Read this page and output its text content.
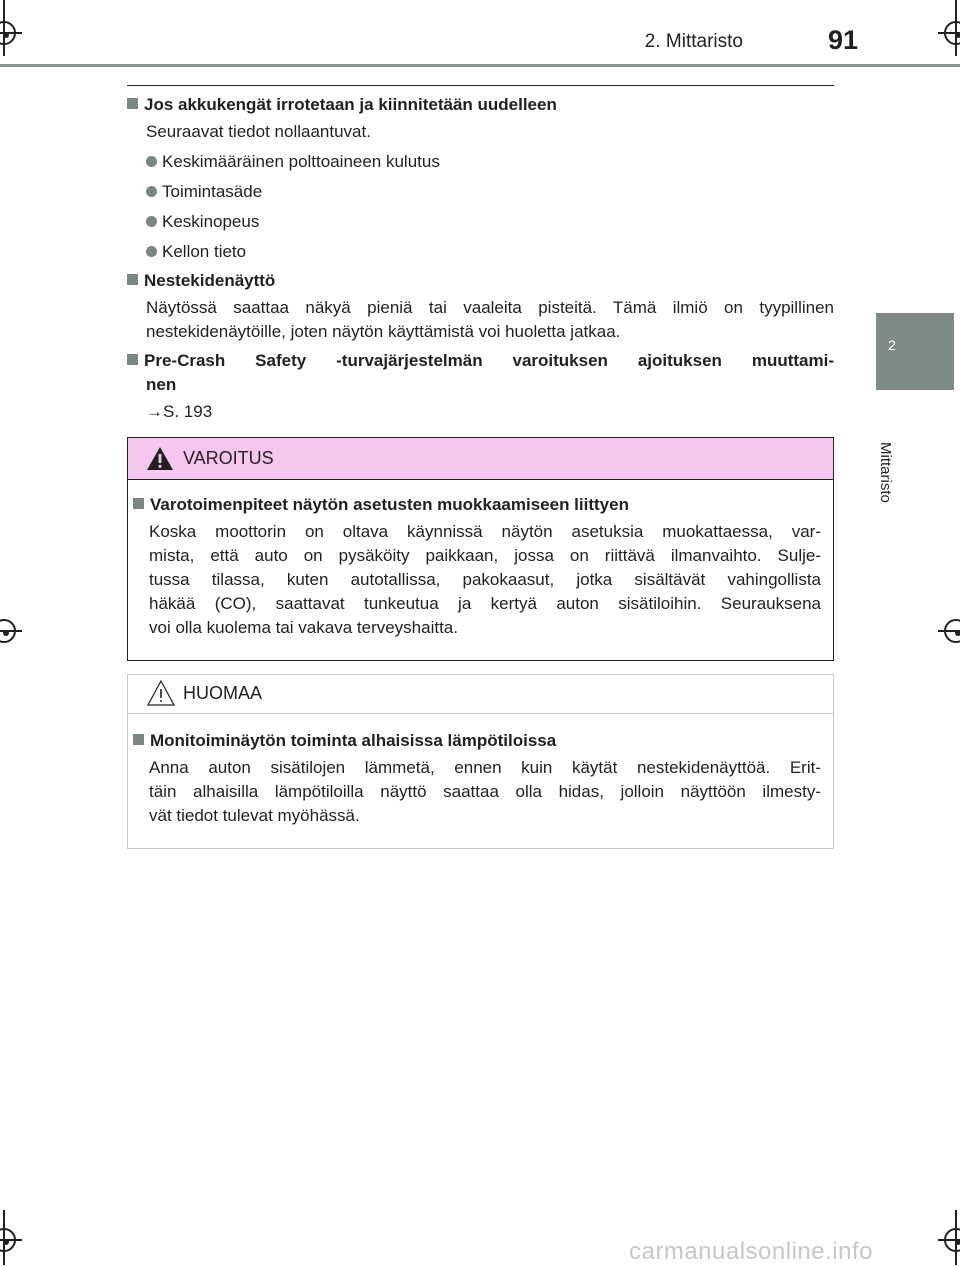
2. Mittaristo	91
2
Mittaristo
Jos akkukengät irrotetaan ja kiinnitetään uudelleen
Seuraavat tiedot nollaantuvat.
Keskimääräinen polttoaineen kulutus
Toimintasäde
Keskinopeus
Kellon tieto
Nestekidenäyttö
Näytössä saattaa näkyä pieniä tai vaaleita pisteitä. Tämä ilmiö on tyypillinen
nestekidenäytöille, joten näytön käyttämistä voi huoletta jatkaa.
Pre-Crash Safety -turvajärjestelmän varoituksen ajoituksen muuttami-
nen
→S. 193
VAROITUS
Varotoimenpiteet näytön asetusten muokkaamiseen liittyen
Koska moottorin on oltava käynnissä näytön asetuksia muokattaessa, var-
mista, että auto on pysäköity paikkaan, jossa on riittävä ilmanvaihto. Sulje-
tussa tilassa, kuten autotallissa, pakokaasut, jotka sisältävät vahingollista
häkää (CO), saattavat tunkeutua ja kertyä auton sisätiloihin. Seurauksena
voi olla kuolema tai vakava terveyshaitta.
HUOMAA
Monitoiminäytön toiminta alhaisissa lämpötiloissa
Anna auton sisätilojen lämmetä, ennen kuin käytät nestekidenäyttöä. Erit-
täin alhaisilla lämpötiloilla näyttö saattaa olla hidas, jolloin näyttöön ilmesty-
vät tiedot tulevat myöhässä.
carmanualsonline.info
